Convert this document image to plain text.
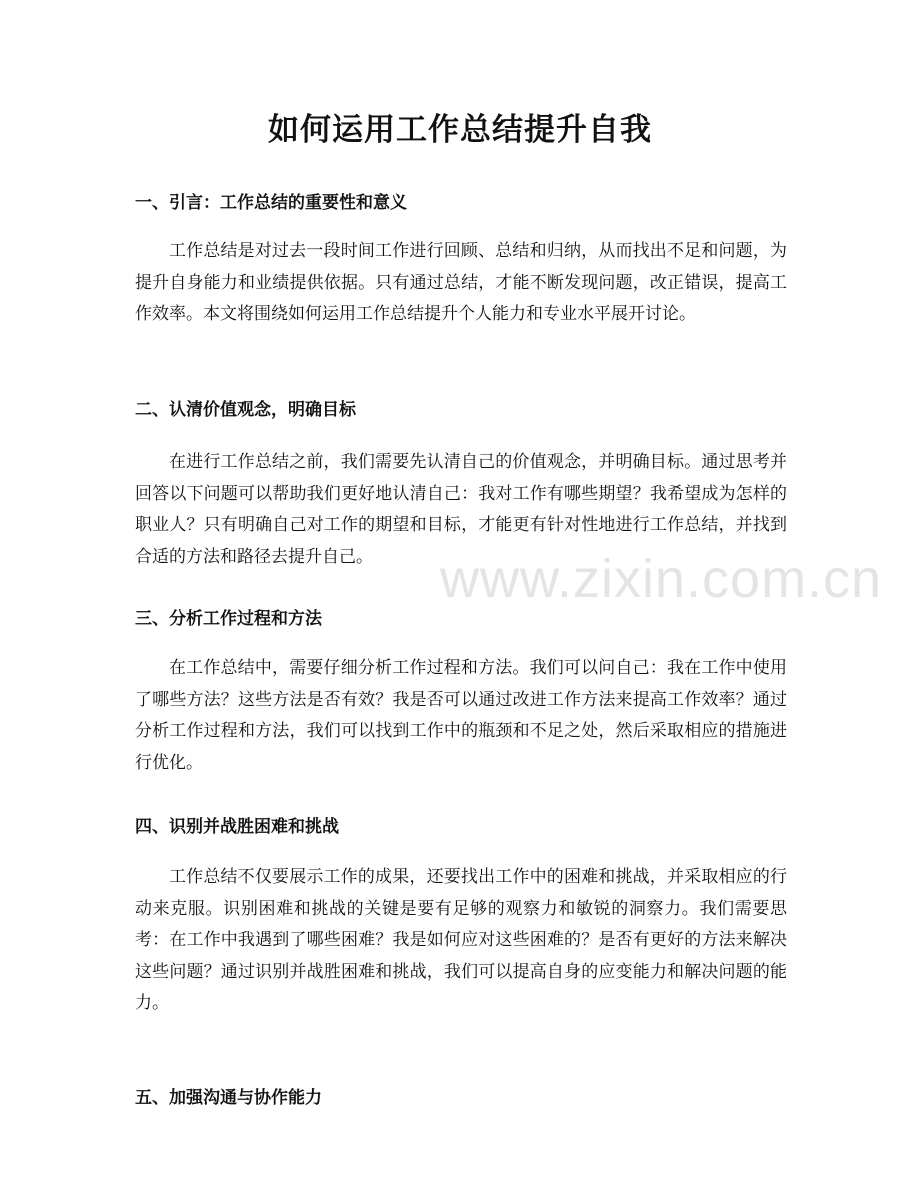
如何运用工作总结提升自我
一、引言：工作总结的重要性和意义

工作总结是对过去一段时间工作进行回顾、总结和归纳，从而找出不足和问题，为提升自身能力和业绩提供依据。只有通过总结，才能不断发现问题，改正错误，提高工作效率。本文将围绕如何运用工作总结提升个人能力和专业水平展开讨论。

二、认清价值观念，明确目标

在进行工作总结之前，我们需要先认清自己的价值观念，并明确目标。通过思考并回答以下问题可以帮助我们更好地认清自己：我对工作有哪些期望？我希望成为怎样的职业人？只有明确自己对工作的期望和目标，才能更有针对性地进行工作总结，并找到合适的方法和路径去提升自己。	www.zixin.com.cn
三、分析工作过程和方法

在工作总结中，需要仔细分析工作过程和方法。我们可以问自己：我在工作中使用了哪些方法？这些方法是否有效？我是否可以通过改进工作方法来提高工作效率？通过分析工作过程和方法，我们可以找到工作中的瓶颈和不足之处，然后采取相应的措施进行优化。

四、识别并战胜困难和挑战

工作总结不仅要展示工作的成果，还要找出工作中的困难和挑战，并采取相应的行动来克服。识别困难和挑战的关键是要有足够的观察力和敏锐的洞察力。我们需要思考：在工作中我遇到了哪些困难？我是如何应对这些困难的？是否有更好的方法来解决这些问题？通过识别并战胜困难和挑战，我们可以提高自身的应变能力和解决问题的能力。

五、加强沟通与协作能力
